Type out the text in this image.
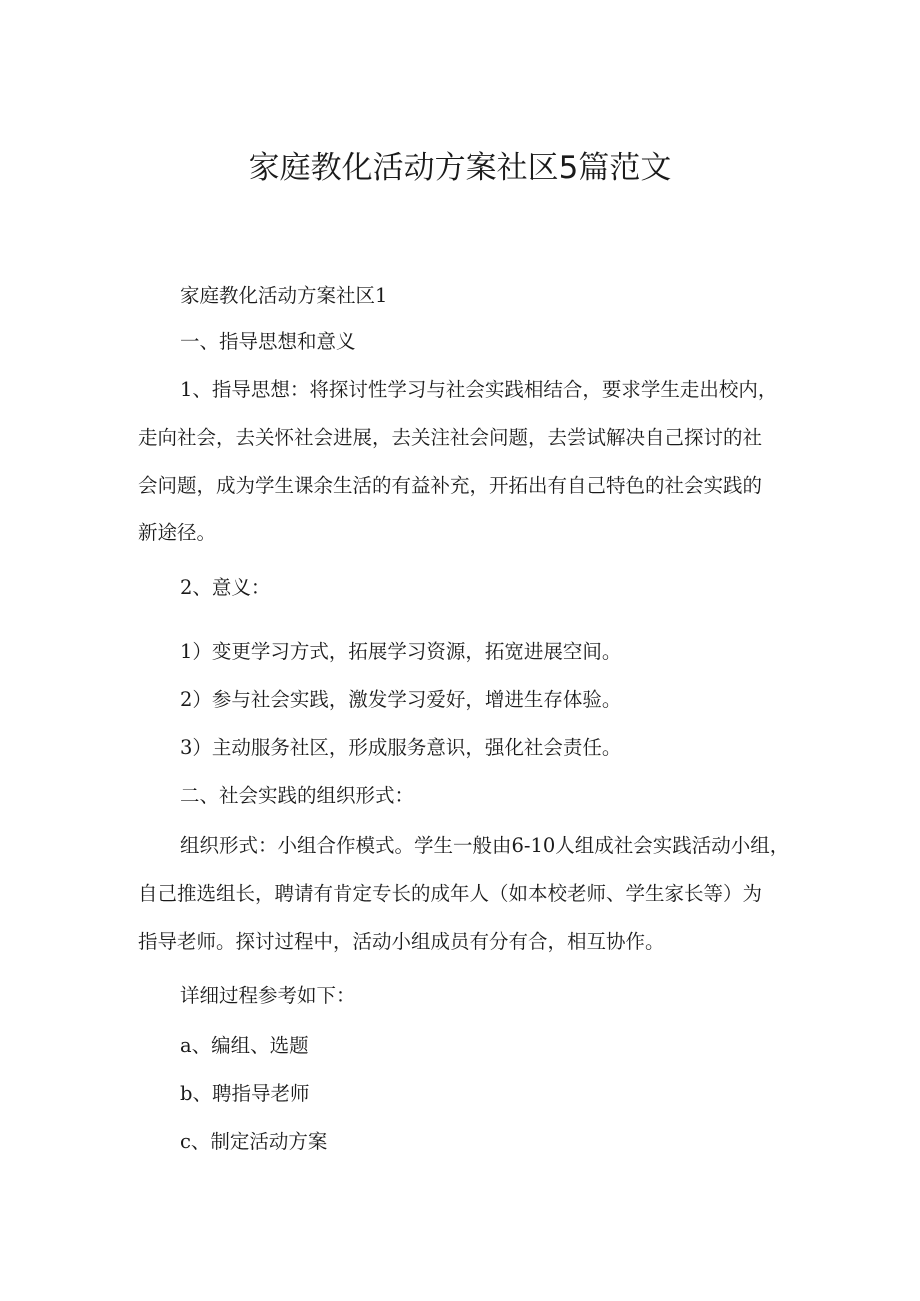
家庭教化活动方案社区5篇范文
家庭教化活动方案社区1
一、指导思想和意义
1、指导思想：将探讨性学习与社会实践相结合，要求学生走出校内，
走向社会，去关怀社会进展，去关注社会问题，去尝试解决自己探讨的社
会问题，成为学生课余生活的有益补充，开拓出有自己特色的社会实践的
新途径。
2、意义：
1）变更学习方式，拓展学习资源，拓宽进展空间。
2）参与社会实践，激发学习爱好，增进生存体验。
3）主动服务社区，形成服务意识，强化社会责任。
二、社会实践的组织形式：
组织形式：小组合作模式。学生一般由6-10人组成社会实践活动小组，
自己推选组长，聘请有肯定专长的成年人（如本校老师、学生家长等）为
指导老师。探讨过程中，活动小组成员有分有合，相互协作。
详细过程参考如下：
a、编组、选题
b、聘指导老师
c、制定活动方案
